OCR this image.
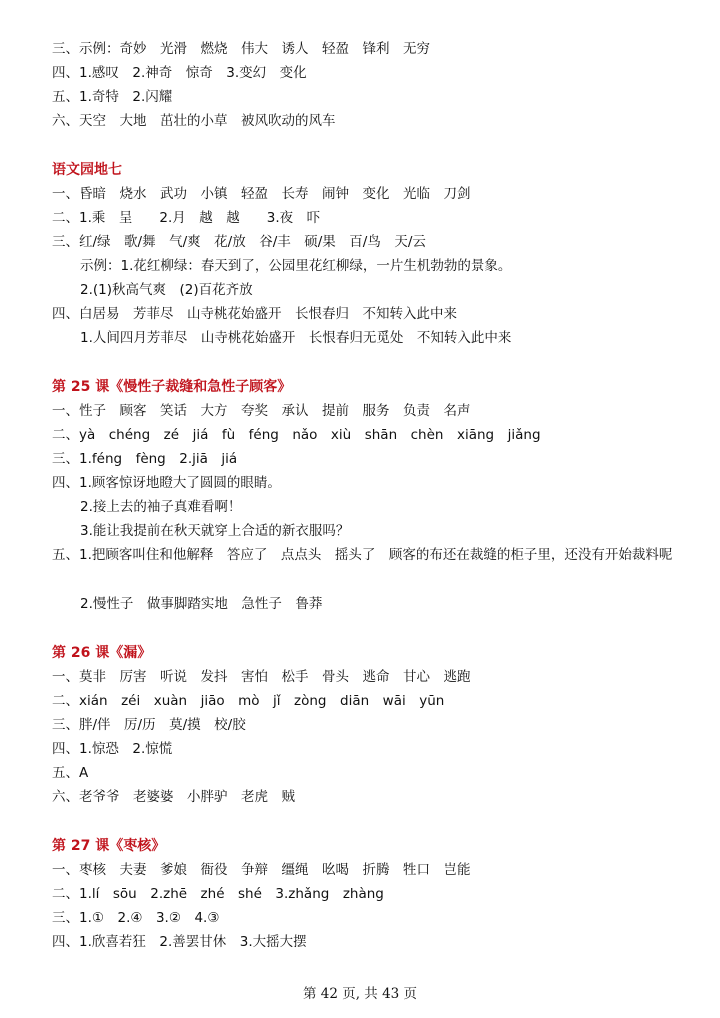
三、示例：奇妙　光滑　燃烧　伟大　诱人　轻盈　锋利　无穷
四、1.感叹　2.神奇　惊奇　3.变幻　变化
五、1.奇特　2.闪耀
六、天空　大地　茁壮的小草　被风吹动的风车
语文园地七
一、昏暗　烧水　武功　小镇　轻盈　长寿　闹钟　变化　光临　刀剑
二、1.乘　呈　　2.月　越　越　　3.夜　吓
三、红/绿　歌/舞　气/爽　花/放　谷/丰　硕/果　百/鸟　天/云
示例：1.花红柳绿：春天到了，公园里花红柳绿，一片生机勃勃的景象。
2.(1)秋高气爽　(2)百花齐放
四、白居易　芳菲尽　山寺桃花始盛开　长恨春归　不知转入此中来
1.人间四月芳菲尽　山寺桃花始盛开　长恨春归无觅处　不知转入此中来
第 25 课《慢性子裁缝和急性子顾客》
一、性子　顾客　笑话　大方　夸奖　承认　提前　服务　负责　名声
二、yà　chéng　zé　jiá　fù　féng　nǎo　xiù　shān　chèn　xiāng　jiǎng
三、1.féng　fèng　2.jiā　jiá
四、1.顾客惊讶地瞪大了圆圆的眼睛。
2.接上去的袖子真难看啊！
3.能让我提前在秋天就穿上合适的新衣服吗？
五、1.把顾客叫住和他解释　答应了　点点头　摇头了　顾客的布还在裁缝的柜子里，还没有开始裁料呢
2.慢性子　做事脚踏实地　急性子　鲁莽
第 26 课《漏》
一、莫非　厉害　听说　发抖　害怕　松手　骨头　逃命　甘心　逃跑
二、xián　zéi　xuàn　jiāo　mò　jǐ　zòng　diān　wāi　yūn
三、胖/伴　厉/历　莫/摸　校/胶
四、1.惊恐　2.惊慌
五、A
六、老爷爷　老婆婆　小胖驴　老虎　贼
第 27 课《枣核》
一、枣核　夫妻　爹娘　衙役　争辩　缰绳　吆喝　折腾　牲口　岂能
二、1.lí　sōu　2.zhē　zhé　shé　3.zhǎng　zhàng
三、1.①　2.④　3.②　4.③
四、1.欣喜若狂　2.善罢甘休　3.大摇大摆
第 42 页, 共 43 页
